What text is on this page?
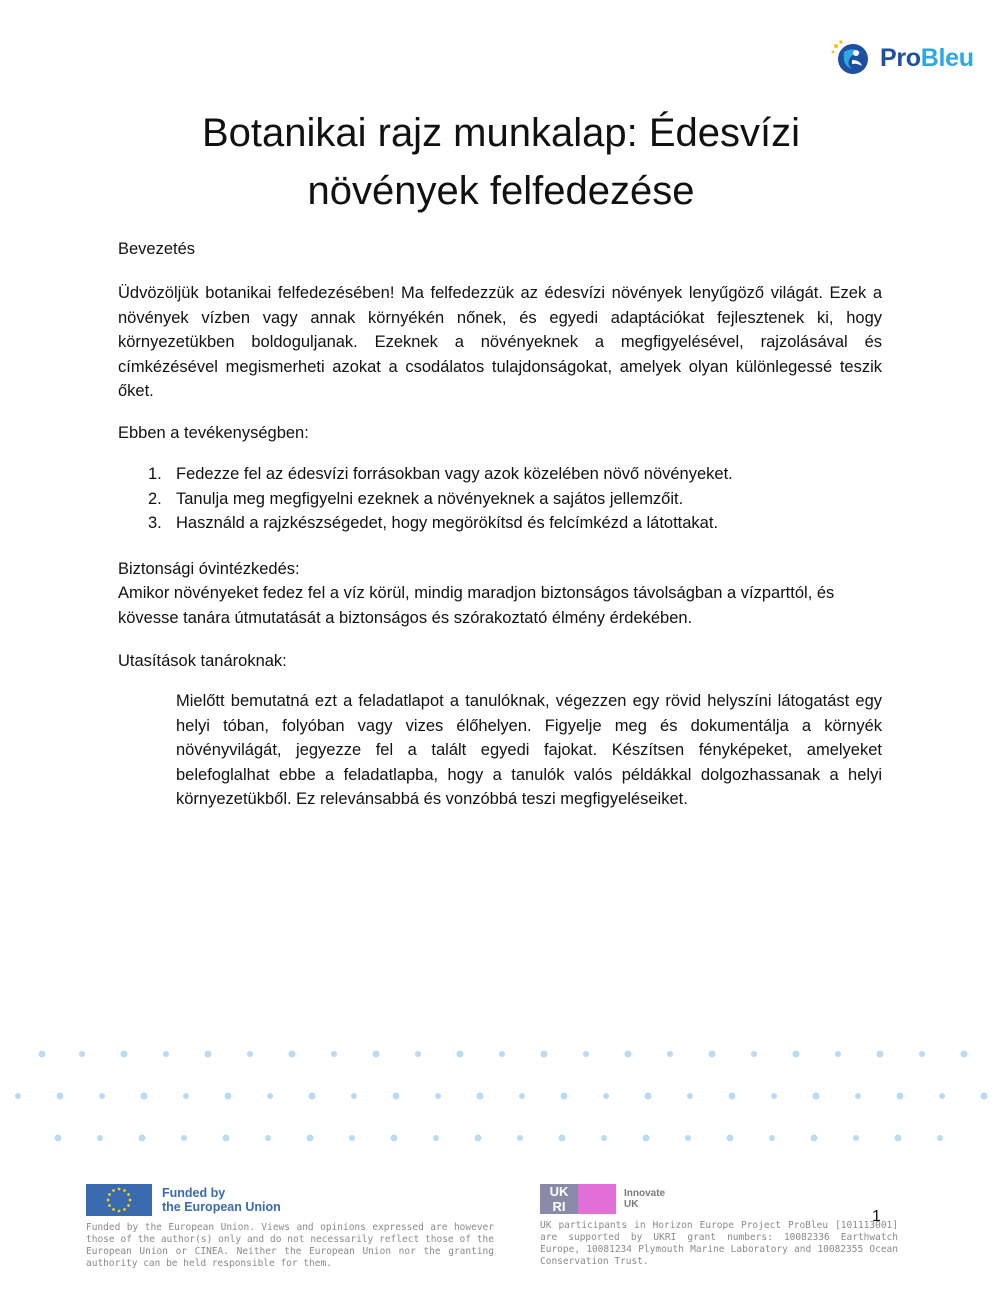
ProBleu
Botanikai rajz munkalap: Édesvízi
növények felfedezése

Bevezetés

Üdvözöljük botanikai felfedezésében! Ma felfedezzük az édesvízi növények lenyűgöző világát. Ezek a növények vízben vagy annak környékén nőnek, és egyedi adaptációkat fejlesztenek ki, hogy környezetükben boldoguljanak. Ezeknek a növényeknek a megfigyelésével, rajzolásával és címkézésével megismerheti azokat a csodálatos tulajdonságokat, amelyek olyan különlegessé teszik őket.

Ebben a tevékenységben:

1. Fedezze fel az édesvízi forrásokban vagy azok közelében növő növényeket.
2. Tanulja meg megfigyelni ezeknek a növényeknek a sajátos jellemzőit.
3. Használd a rajzkészségedet, hogy megörökítsd és felcímkézd a látottakat.

Biztonsági óvintézkedés:

Amikor növényeket fedez fel a víz körül, mindig maradjon biztonságos távolságban a vízparttól, és kövesse tanára útmutatását a biztonságos és szórakoztató élmény érdekében.

Utasítások tanároknak:

Mielőtt bemutatná ezt a feladatlapot a tanulóknak, végezzen egy rövid helyszíni látogatást egy helyi tóban, folyóban vagy vizes élőhelyen. Figyelje meg és dokumentálja a környék növényvilágát, jegyezze fel a talált egyedi fajokat. Készítsen fényképeket, amelyeket belefoglalhat ebbe a feladatlapba, hogy a tanulók valós példákkal dolgozhassanak a helyi környezetükből. Ez relevánsabbá és vonzóbbá teszi megfigyeléseiket.

Funded by
the European Union
Funded by the European Union. Views and opinions expressed are however those of the author(s) only and do not necessarily reflect those of the European Union or CINEA. Neither the European Union nor the granting authority can be held responsible for them.
UK
RI
Innovate
UK
UK participants in Horizon Europe Project ProBleu [101113001] are supported by UKRI grant numbers: 10082336 Earthwatch Europe, 10081234 Plymouth Marine Laboratory and 10082355 Ocean Conservation Trust.
1
